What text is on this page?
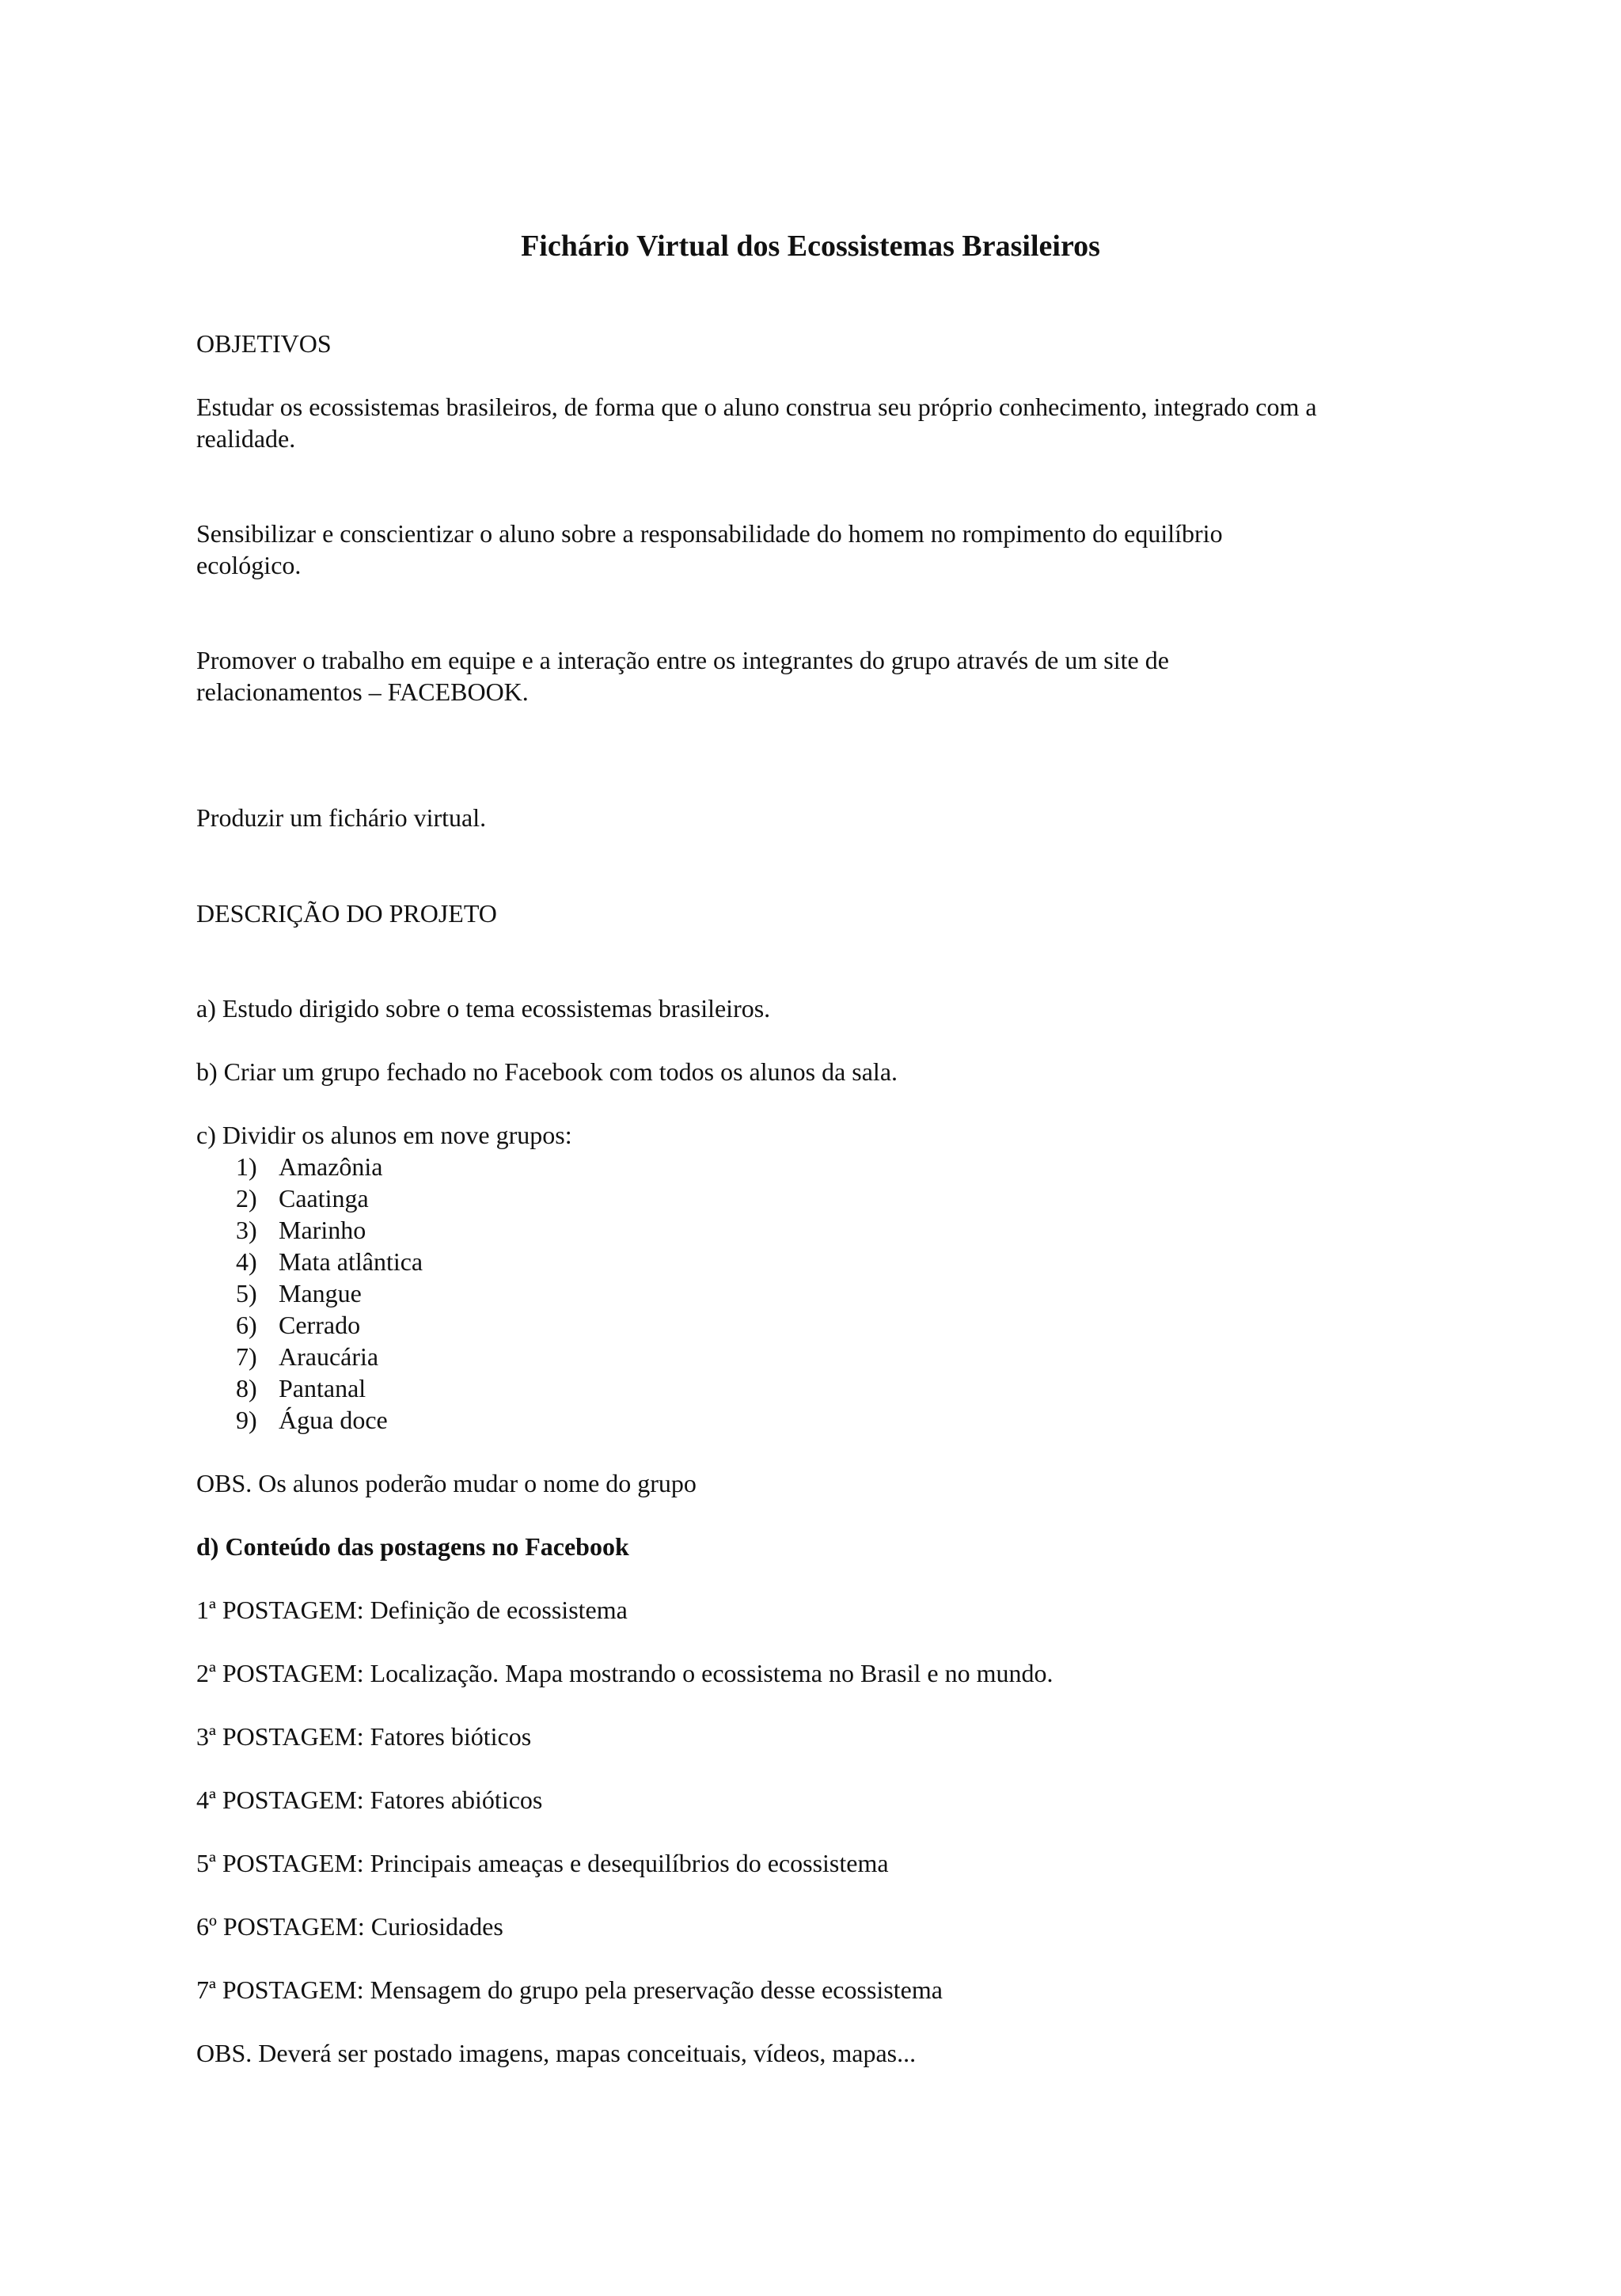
Fichário Virtual dos Ecossistemas Brasileiros

OBJETIVOS

Estudar os ecossistemas brasileiros, de forma que o aluno construa seu próprio conhecimento, integrado com a

realidade.

Sensibilizar e conscientizar o aluno sobre a responsabilidade do homem no rompimento do equilíbrio

ecológico.

Promover o trabalho em equipe e a interação entre os integrantes do grupo através de um site de

relacionamentos – FACEBOOK.

Produzir um fichário virtual.

DESCRIÇÃO DO PROJETO

a) Estudo dirigido sobre o tema ecossistemas brasileiros.

b) Criar um grupo fechado no Facebook com todos os alunos da sala.

c) Dividir os alunos em nove grupos:

1) Amazônia
2) Caatinga
3) Marinho
4) Mata atlântica
5) Mangue
6) Cerrado
7) Araucária
8) Pantanal
9) Água doce

OBS. Os alunos poderão mudar o nome do grupo

d) Conteúdo das postagens no Facebook

1ª POSTAGEM: Definição de ecossistema

2ª POSTAGEM: Localização. Mapa mostrando o ecossistema no Brasil e no mundo.

3ª POSTAGEM: Fatores bióticos

4ª POSTAGEM: Fatores abióticos

5ª POSTAGEM: Principais ameaças e desequilíbrios do ecossistema

6º POSTAGEM: Curiosidades

7ª POSTAGEM: Mensagem do grupo pela preservação desse ecossistema

OBS. Deverá ser postado imagens, mapas conceituais, vídeos, mapas...
